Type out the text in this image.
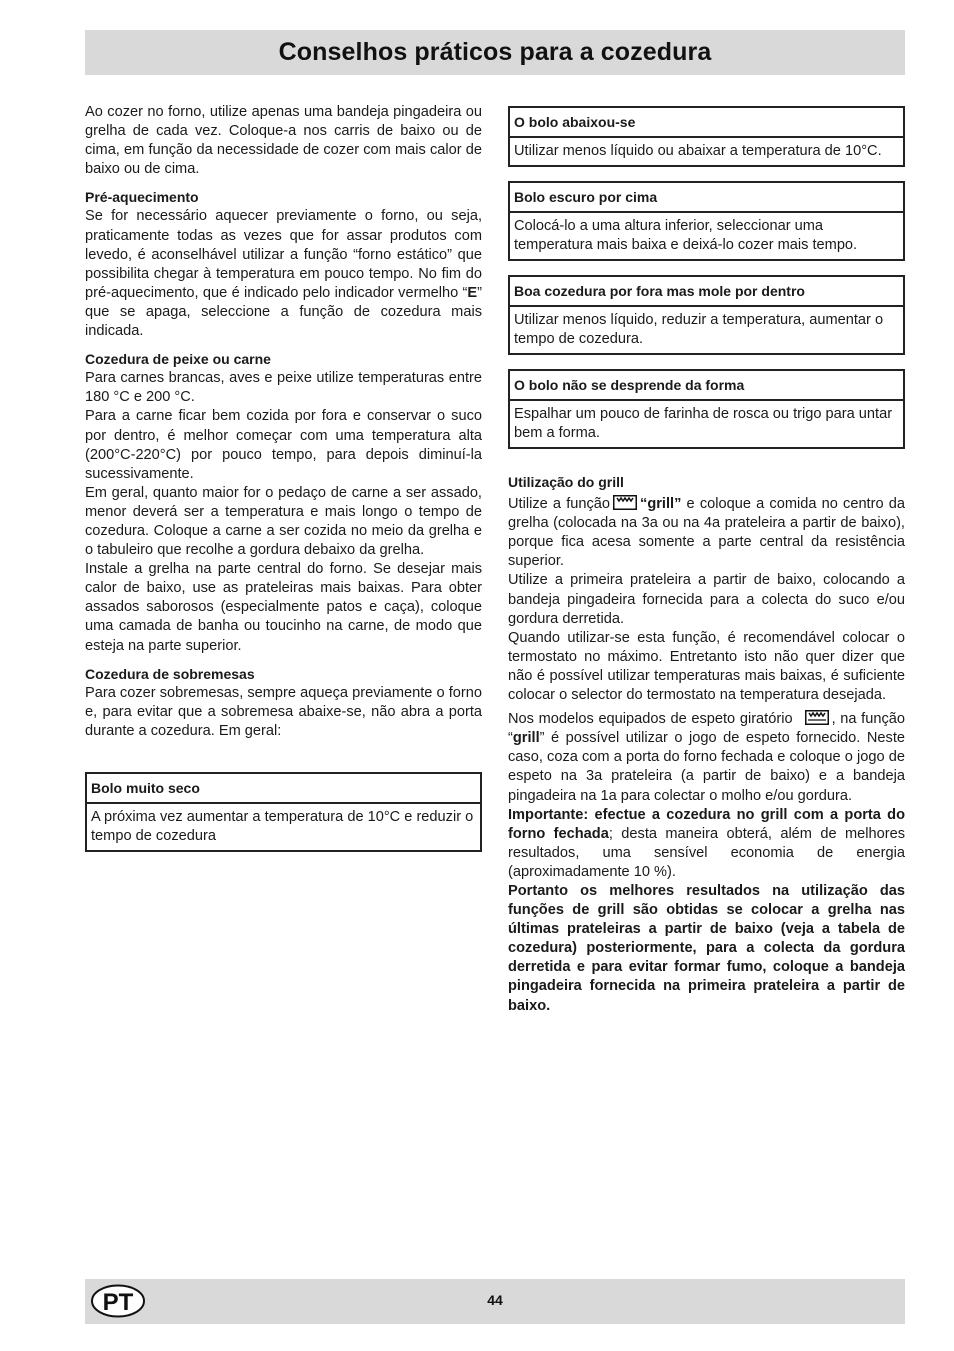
Conselhos práticos para a cozedura

Ao cozer no forno, utilize apenas uma bandeja pingadeira ou grelha de cada vez. Coloque-a nos carris de baixo ou de cima, em função da necessidade de cozer com mais calor de baixo ou de cima.

Pré-aquecimento

Se for necessário aquecer previamente o forno, ou seja, praticamente todas as vezes que for assar produtos com levedo, é aconselhável utilizar a função “forno estático” que possibilita chegar à temperatura em pouco tempo. No fim do pré-aquecimento, que é indicado pelo indicador vermelho “E” que se apaga, seleccione a função de cozedura mais indicada.

Cozedura de peixe ou carne

Para carnes brancas, aves e peixe utilize temperaturas entre 180 °C e 200 °C.

Para a carne ficar bem cozida por fora e conservar o suco por dentro, é melhor começar com uma temperatura alta (200°C-220°C) por pouco tempo, para depois diminuí-la sucessivamente.

Em geral, quanto maior for o pedaço de carne a ser assado, menor deverá ser a temperatura e mais longo o tempo de cozedura. Coloque a carne a ser cozida no meio da grelha e o tabuleiro que recolhe a gordura debaixo da grelha.

Instale a grelha na parte central do forno. Se desejar mais calor de baixo, use as prateleiras mais baixas. Para obter assados saborosos (especialmente patos e caça), coloque uma camada de banha ou toucinho na carne, de modo que esteja na parte superior.

Cozedura de sobremesas

Para cozer sobremesas, sempre aqueça previamente o forno e, para evitar que a sobremesa abaixe-se, não abra a porta durante a cozedura. Em geral:

Bolo muito seco
A próxima vez aumentar a temperatura de 10°C e reduzir o tempo de cozedura
O bolo abaixou-se
Utilizar menos líquido ou abaixar a temperatura de 10°C.
Bolo escuro por cima
Colocá-lo a uma altura inferior, seleccionar uma temperatura mais baixa e deixá-lo cozer mais tempo.
Boa cozedura por fora mas mole por dentro
Utilizar menos líquido, reduzir a temperatura, aumentar o tempo de cozedura.
O bolo não se desprende da forma
Espalhar um pouco de farinha de rosca ou trigo para untar bem a forma.

Utilização do grill

Utilize a função “grill” e coloque a comida no centro da grelha (colocada na 3a ou na 4a prateleira a partir de baixo), porque fica acesa somente a parte central da resistência superior.

Utilize a primeira prateleira a partir de baixo, colocando a bandeja pingadeira fornecida para a colecta do suco e/ou gordura derretida.

Quando utilizar-se esta função, é recomendável colocar o termostato no máximo. Entretanto isto não quer dizer que não é possível utilizar temperaturas mais baixas, é suficiente colocar o selector do termostato na temperatura desejada.

Nos modelos equipados de espeto giratório	, na função “grill” é possível utilizar o jogo de espeto fornecido. Neste caso, coza com a porta do forno fechada e coloque o jogo de espeto na 3a prateleira (a partir de baixo) e a bandeja pingadeira na 1a para colectar o molho e/ou gordura.

Importante: efectue a cozedura no grill com a porta do forno fechada; desta maneira obterá, além de melhores resultados, uma sensível economia de energia (aproximadamente 10 %).

Portanto os melhores resultados na utilização das funções de grill são obtidas se colocar a grelha nas últimas prateleiras a partir de baixo (veja a tabela de cozedura) posteriormente, para a colecta da gordura derretida e para evitar formar fumo, coloque a bandeja pingadeira fornecida na primeira prateleira a partir de baixo.

PT	44
